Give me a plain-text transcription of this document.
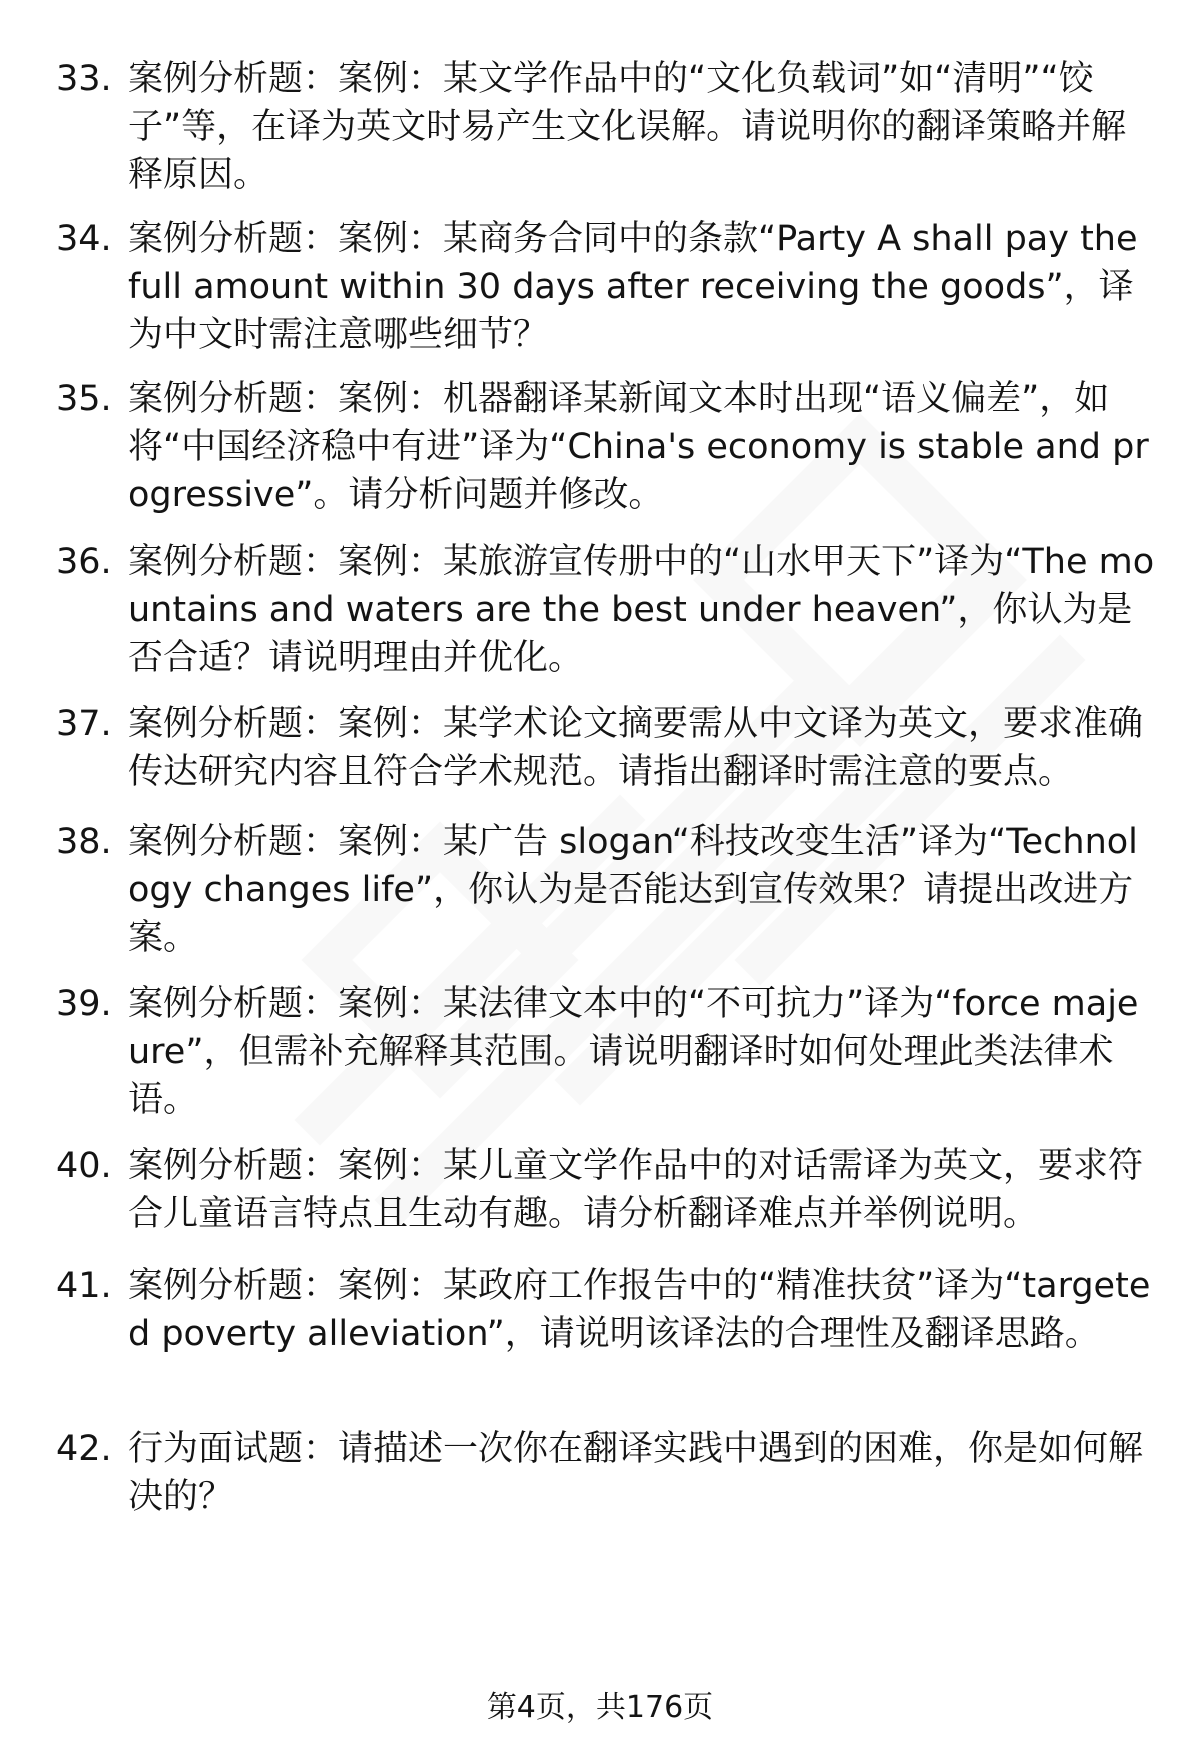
33. 案例分析题：案例：某文学作品中的“文化负载词”如“清明”“饺子”等，在译为英文时易产生文化误解。请说明你的翻译策略并解释原因。
34. 案例分析题：案例：某商务合同中的条款“Party A shall pay the full amount within 30 days after receiving the goods”，译为中文时需注意哪些细节？
35. 案例分析题：案例：机器翻译某新闻文本时出现“语义偏差”，如将“中国经济稳中有进”译为“China's economy is stable and progressive”。请分析问题并修改。
36. 案例分析题：案例：某旅游宣传册中的“山水甲天下”译为“The mountains and waters are the best under heaven”，你认为是否合适？请说明理由并优化。
37. 案例分析题：案例：某学术论文摘要需从中文译为英文，要求准确传达研究内容且符合学术规范。请指出翻译时需注意的要点。
38. 案例分析题：案例：某广告 slogan“科技改变生活”译为“Technology changes life”，你认为是否能达到宣传效果？请提出改进方案。
39. 案例分析题：案例：某法律文本中的“不可抗力”译为“force majeure”，但需补充解释其范围。请说明翻译时如何处理此类法律术语。
40. 案例分析题：案例：某儿童文学作品中的对话需译为英文，要求符合儿童语言特点且生动有趣。请分析翻译难点并举例说明。
41. 案例分析题：案例：某政府工作报告中的“精准扶贫”译为“targeted poverty alleviation”，请说明该译法的合理性及翻译思路。
42. 行为面试题：请描述一次你在翻译实践中遇到的困难，你是如何解决的？
第4页，共176页
